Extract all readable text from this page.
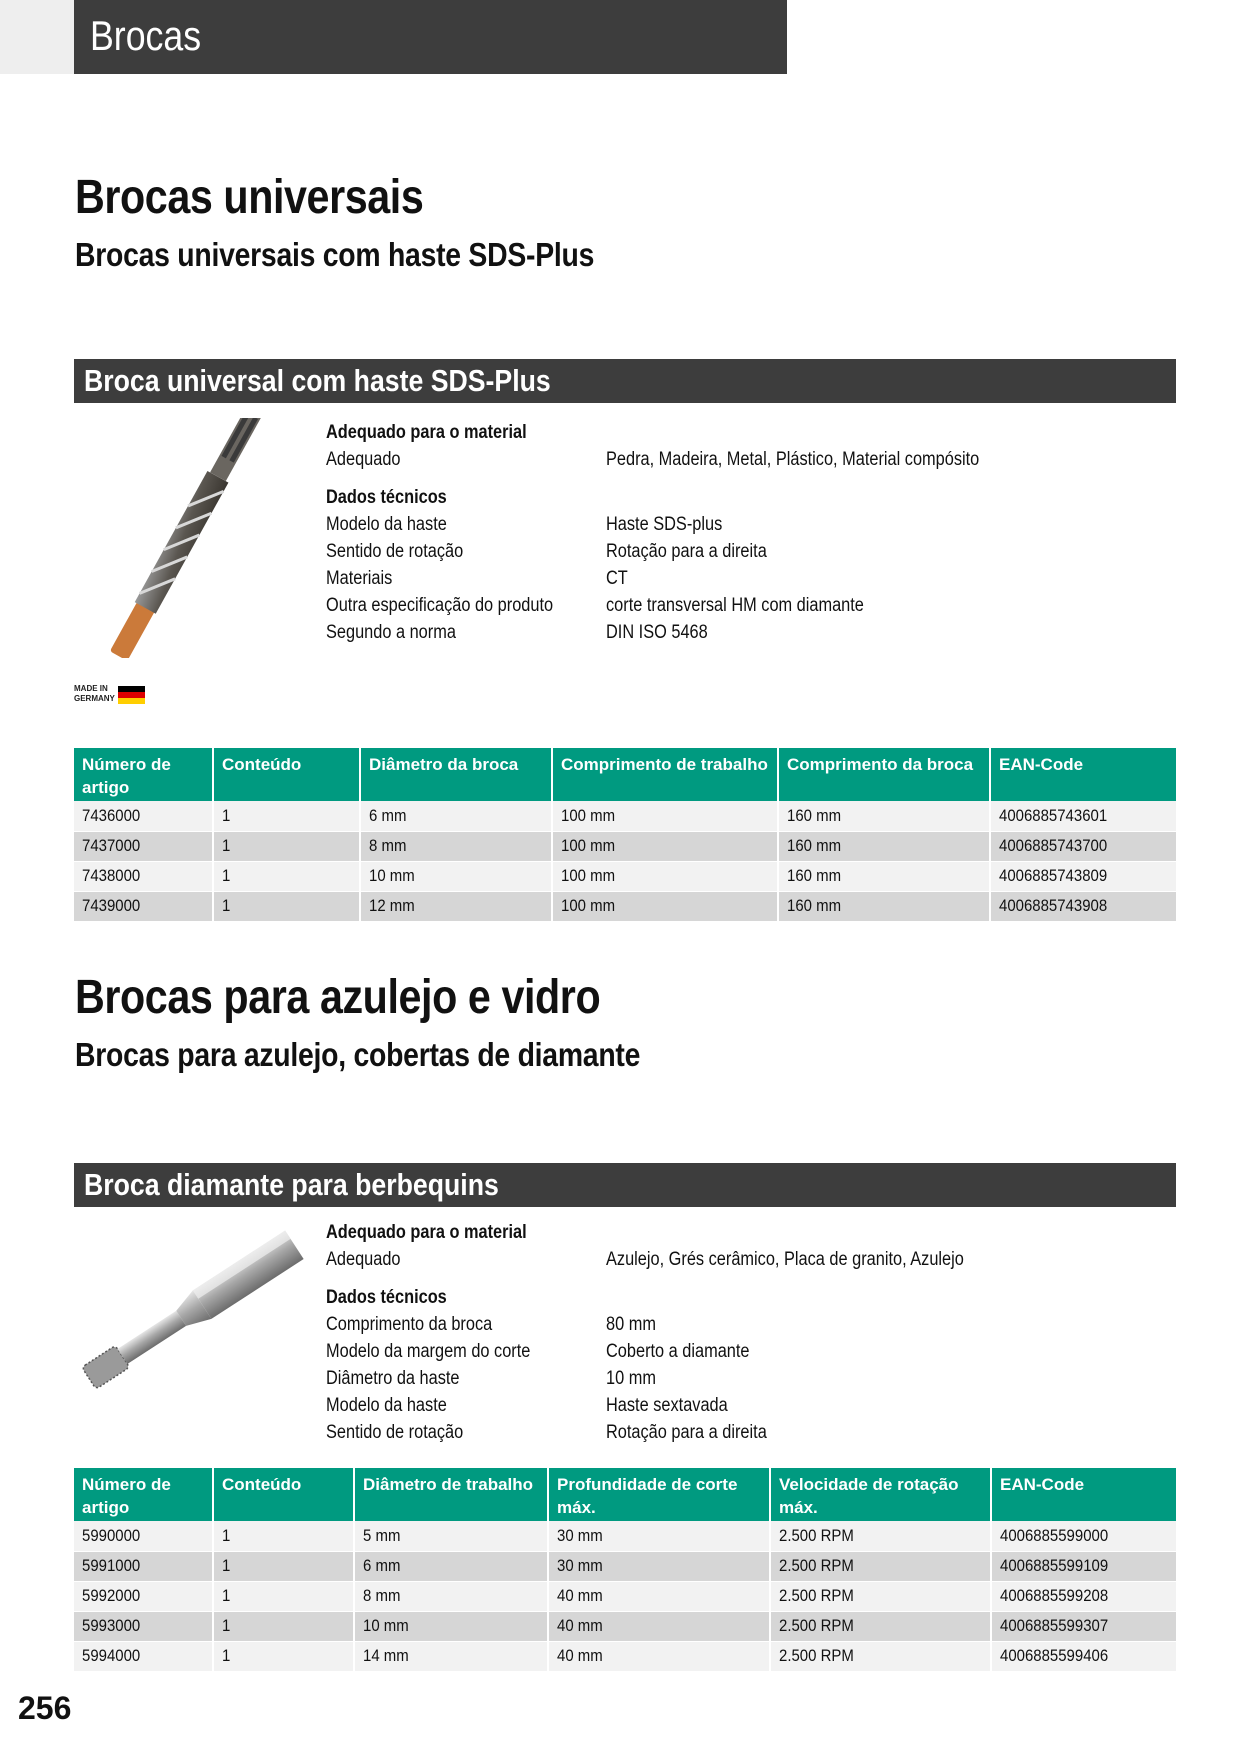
Brocas
Brocas universais
Brocas universais com haste SDS-Plus
Broca universal com haste SDS-Plus
Adequado para o material
Adequado	Pedra, Madeira, Metal, Plástico, Material compósito
Dados técnicos
Modelo da haste	Haste SDS-plus
Sentido de rotação	Rotação para a direita
Materiais	CT
Outra especificação do produto	corte transversal HM com diamante
Segundo a norma	DIN ISO 5468
MADE IN
GERMANY
Número de artigo	Conteúdo	Diâmetro da broca	Comprimento de trabalho	Comprimento da broca	EAN-Code
7436000	1	6 mm	100 mm	160 mm	4006885743601
7437000	1	8 mm	100 mm	160 mm	4006885743700
7438000	1	10 mm	100 mm	160 mm	4006885743809
7439000	1	12 mm	100 mm	160 mm	4006885743908
Brocas para azulejo e vidro
Brocas para azulejo, cobertas de diamante
Broca diamante para berbequins
Adequado para o material
Adequado	Azulejo, Grés cerâmico, Placa de granito, Azulejo
Dados técnicos
Comprimento da broca	80 mm
Modelo da margem do corte	Coberto a diamante
Diâmetro da haste	10 mm
Modelo da haste	Haste sextavada
Sentido de rotação	Rotação para a direita
Número de artigo	Conteúdo	Diâmetro de trabalho	Profundidade de corte máx.	Velocidade de rotação máx.	EAN-Code
5990000	1	5 mm	30 mm	2.500 RPM	4006885599000
5991000	1	6 mm	30 mm	2.500 RPM	4006885599109
5992000	1	8 mm	40 mm	2.500 RPM	4006885599208
5993000	1	10 mm	40 mm	2.500 RPM	4006885599307
5994000	1	14 mm	40 mm	2.500 RPM	4006885599406
256
